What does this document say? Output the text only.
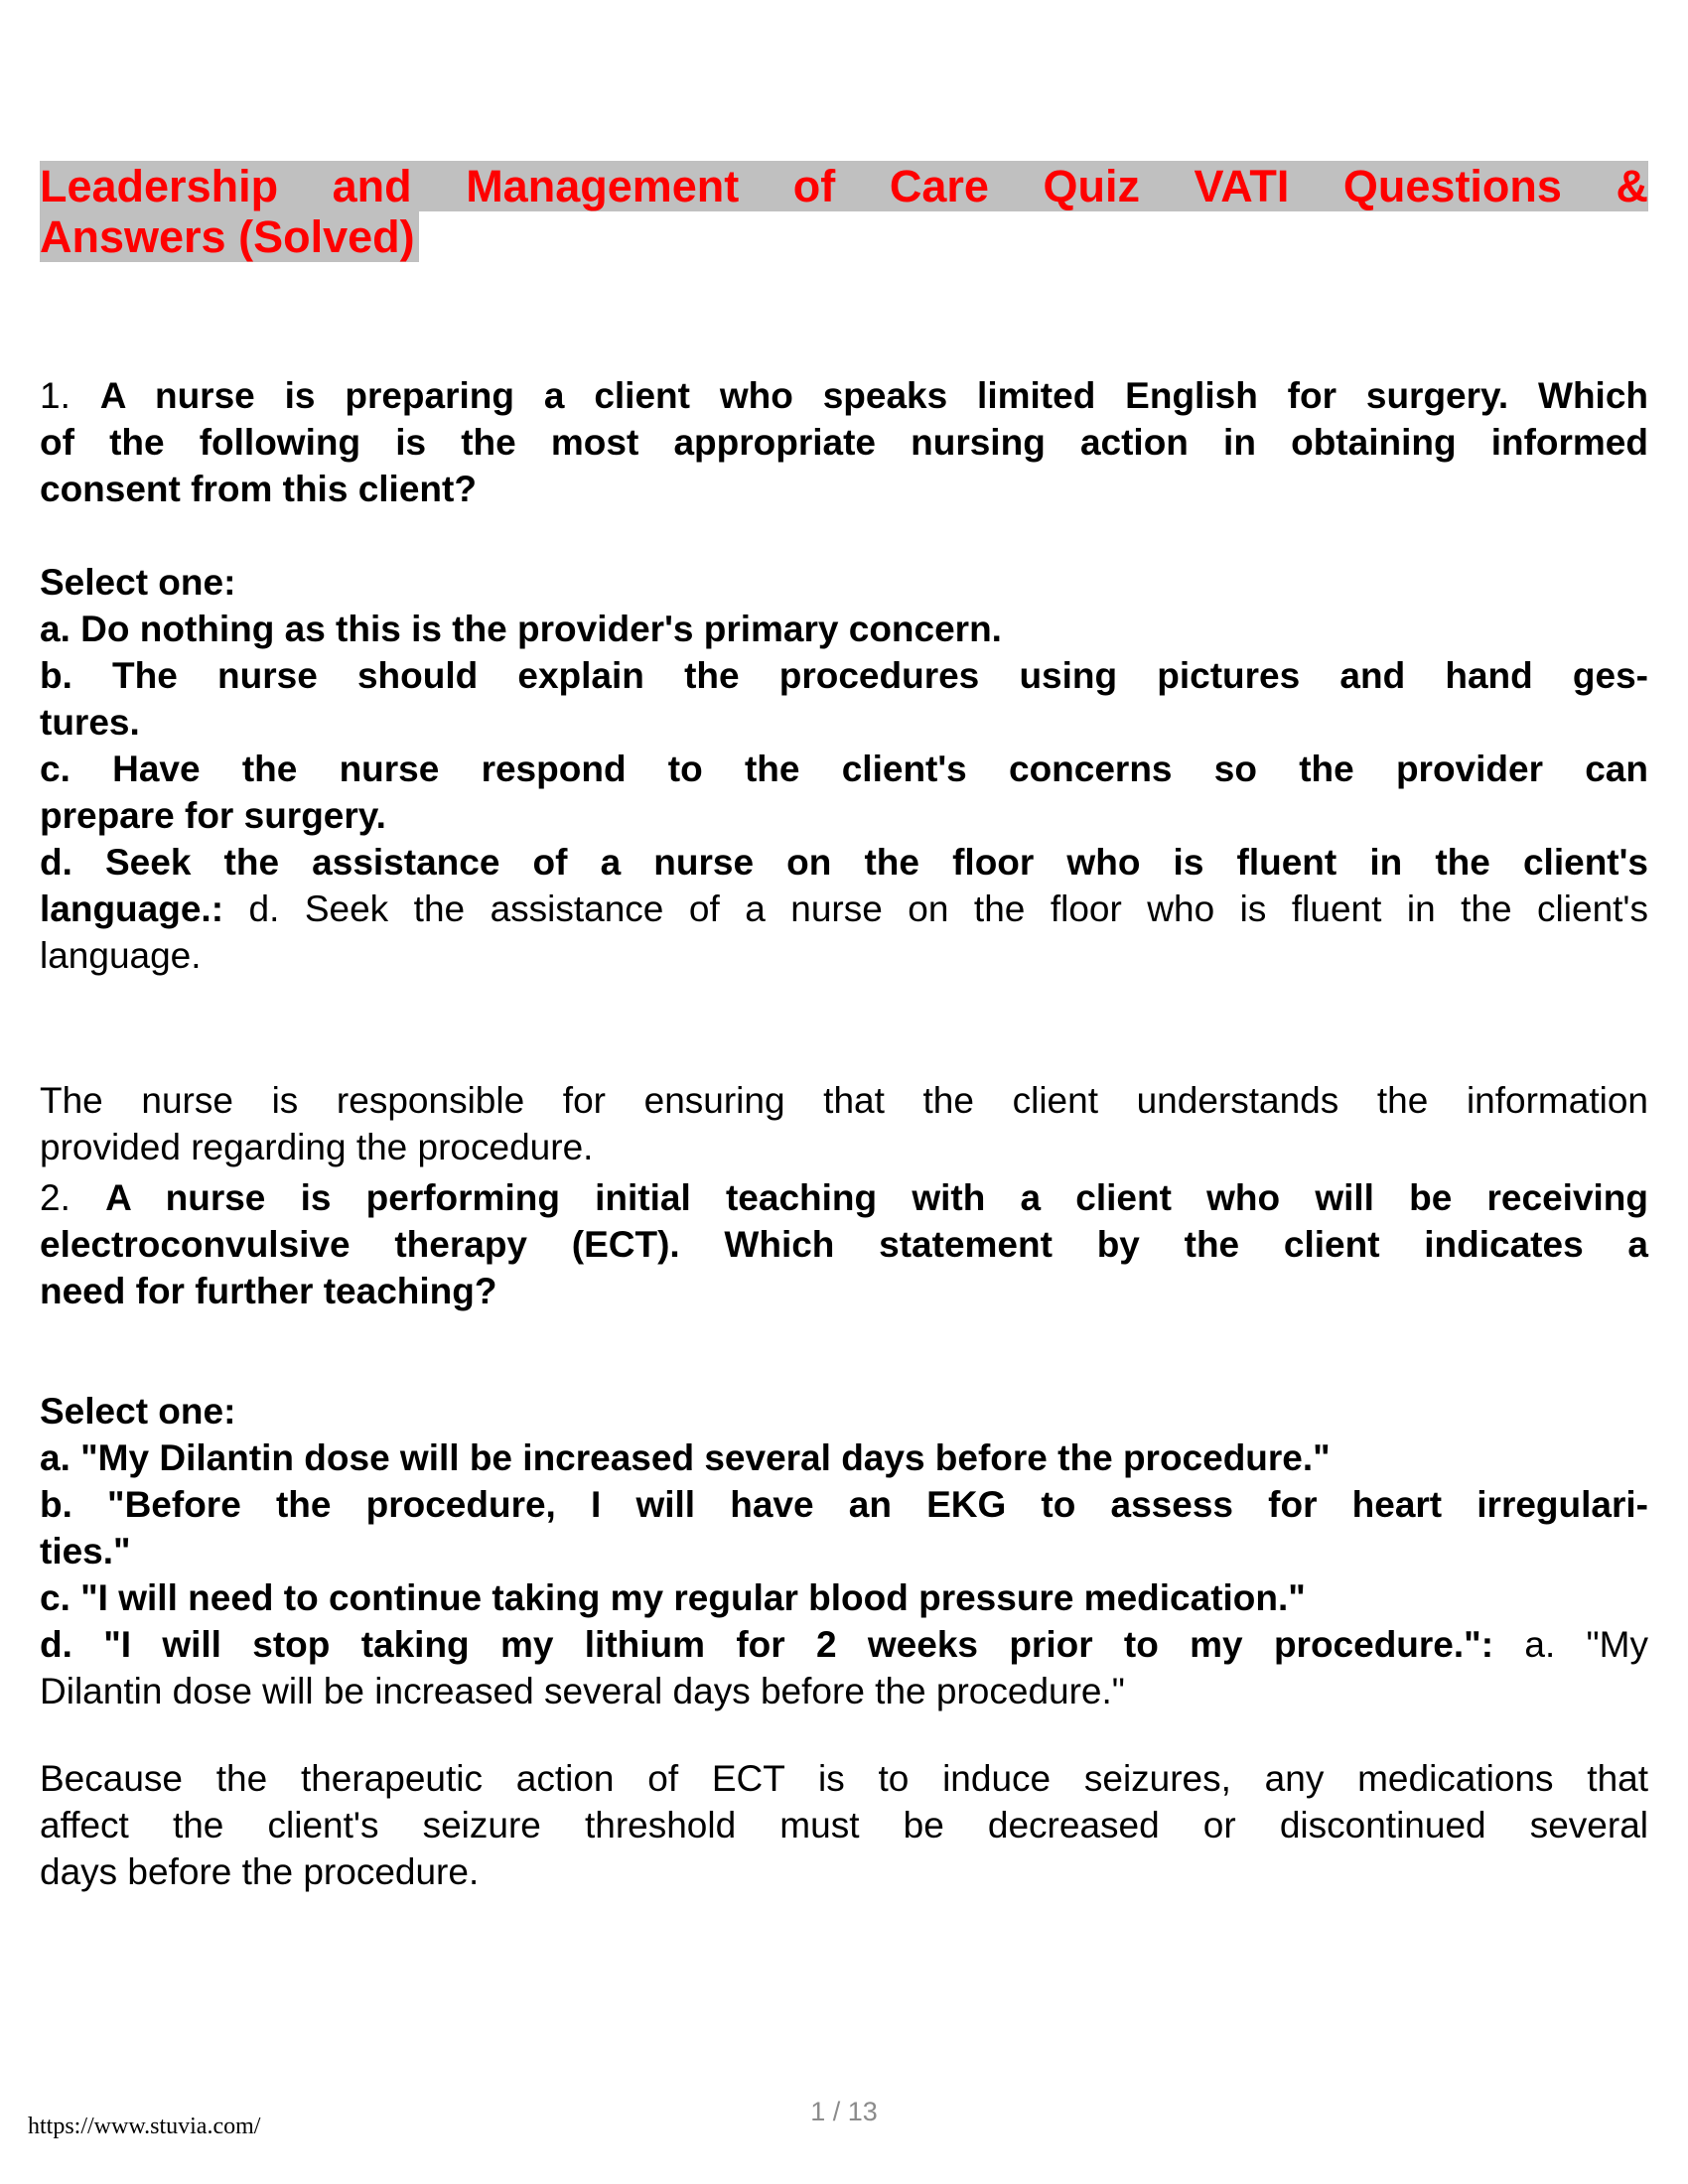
Leadership and Management of Care Quiz VATI Questions &
Answers (Solved)
1. A nurse is preparing a client who speaks limited English for surgery. Which
of the following is the most appropriate nursing action in obtaining informed
consent from this client?
Select one:
a. Do nothing as this is the provider's primary concern.
b. The nurse should explain the procedures using pictures and hand ges-
tures.
c. Have the nurse respond to the client's concerns so the provider can
prepare for surgery.
d. Seek the assistance of a nurse on the floor who is fluent in the client's
language.: d. Seek the assistance of a nurse on the floor who is fluent in the client's
language.
The nurse is responsible for ensuring that the client understands the information
provided regarding the procedure.
2. A nurse is performing initial teaching with a client who will be receiving
electroconvulsive therapy (ECT). Which statement by the client indicates a
need for further teaching?
Select one:
a. "My Dilantin dose will be increased several days before the procedure."
b. "Before the procedure, I will have an EKG to assess for heart irregulari-
ties."
c. "I will need to continue taking my regular blood pressure medication."
d. "I will stop taking my lithium for 2 weeks prior to my procedure.": a. "My
Dilantin dose will be increased several days before the procedure."
Because the therapeutic action of ECT is to induce seizures, any medications that
affect the client's seizure threshold must be decreased or discontinued several
days before the procedure.
1 / 13
https://www.stuvia.com/
